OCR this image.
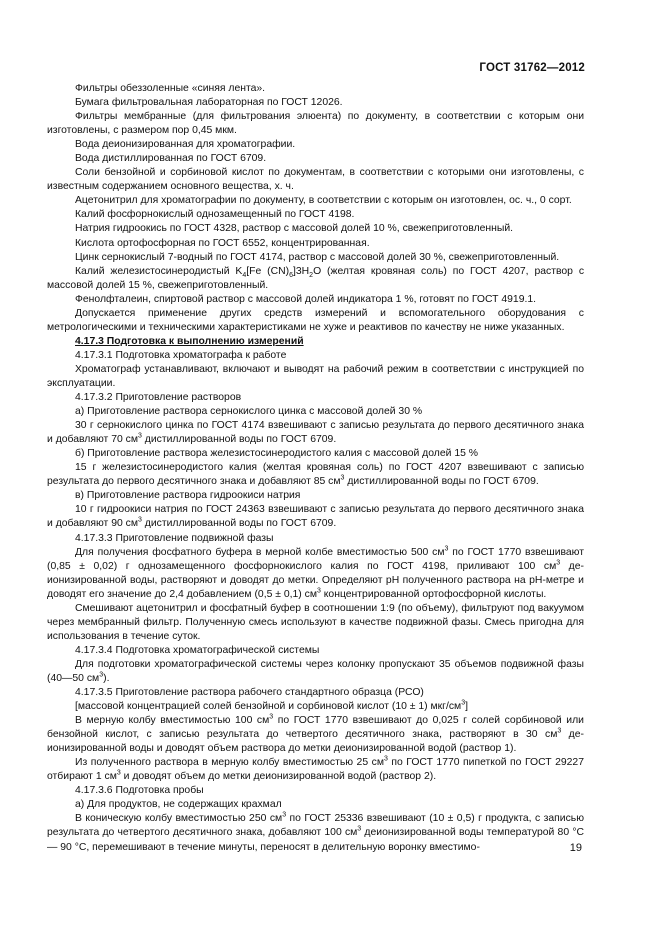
ГОСТ 31762—2012

Фильтры обеззоленные «синяя лента».

Бумага фильтровальная лабораторная по ГОСТ 12026.

Фильтры мембранные (для фильтрования элюента) по документу, в соответствии с которым они изготовлены, с размером пор 0,45 мкм.

Вода деионизированная для хроматографии.

Вода дистиллированная по ГОСТ 6709.

Соли бензойной и сорбиновой кислот по документам, в соответствии с которыми они изготовлены, с известным содержанием основного вещества, х. ч.

Ацетонитрил для хроматографии по документу, в соответствии с которым он изготовлен, ос. ч., 0 сорт.

Калий фосфорнокислый однозамещенный по ГОСТ 4198.

Натрия гидроокись по ГОСТ 4328, раствор с массовой долей 10 %, свежеприготовленный.

Кислота ортофосфорная по ГОСТ 6552, концентрированная.

Цинк сернокислый 7-водный по ГОСТ 4174, раствор с массовой долей 30 %, свежеприготовленный.

Калий железистосинеродистый $K_4[Fe$ $(CN)_6]3H_2O$ (желтая кровяная соль) по ГОСТ 4207, раствор с массовой долей 15 %, свежеприготовленный.

Фенолфталеин, спиртовой раствор с массовой долей индикатора 1 %, готовят по ГОСТ 4919.1.

Допускается применение других средств измерений и вспомогательного оборудования с метрологическими и техническими характеристиками не хуже и реактивов по качеству не ниже указанных.

4.17.3 Подготовка к выполнению измерений

4.17.3.1 Подготовка хроматографа к работе

Хроматограф устанавливают, включают и выводят на рабочий режим в соответствии с инструкцией по эксплуатации.

4.17.3.2 Приготовление растворов

а) Приготовление раствора сернокислого цинка с массовой долей 30 %

30 г сернокислого цинка по ГОСТ 4174 взвешивают с записью результата до первого десятичного знака и добавляют 70 $см^3$ дистиллированной воды по ГОСТ 6709.

б) Приготовление раствора железистосинеродистого калия с массовой долей 15 %

15 г железистосинеродистого калия (желтая кровяная соль) по ГОСТ 4207 взвешивают с записью результата до первого десятичного знака и добавляют 85 $см^3$ дистиллированной воды по ГОСТ 6709.

в) Приготовление раствора гидроокиси натрия

10 г гидроокиси натрия по ГОСТ 24363 взвешивают с записью результата до первого десятичного знака и добавляют 90 $см^3$ дистиллированной воды по ГОСТ 6709.

4.17.3.3 Приготовление подвижной фазы

Для получения фосфатного буфера в мерной колбе вместимостью 500 $см^3$ по ГОСТ 1770 взвешивают (0,85 ± 0,02) г однозамещенного фосфорнокислого калия по ГОСТ 4198, приливают 100 $см^3$ де-ионизированной воды, растворяют и доводят до метки. Определяют pH полученного раствора на pH-метре и доводят его значение до 2,4 добавлением (0,5 ± 0,1) $см^3$ концентрированной ортофосфорной кислоты.

Смешивают ацетонитрил и фосфатный буфер в соотношении 1:9 (по объему), фильтруют под вакуумом через мембранный фильтр. Полученную смесь используют в качестве подвижной фазы. Смесь пригодна для использования в течение суток.

4.17.3.4 Подготовка хроматографической системы

Для подготовки хроматографической системы через колонку пропускают 35 объемов подвижной фазы (40—50 $см^3$).

4.17.3.5 Приготовление раствора рабочего стандартного образца (РСО)

[массовой концентрацией солей бензойной и сорбиновой кислот (10 ± 1) мкг/$см^3$]

В мерную колбу вместимостью 100 $см^3$ по ГОСТ 1770 взвешивают до 0,025 г солей сорбиновой или бензойной кислот, с записью результата до четвертого десятичного знака, растворяют в 30 $см^3$ де-ионизированной воды и доводят объем раствора до метки деионизированной водой (раствор 1).

Из полученного раствора в мерную колбу вместимостью 25 $см^3$ по ГОСТ 1770 пипеткой по ГОСТ 29227 отбирают 1 $см^3$ и доводят объем до метки деионизированной водой (раствор 2).

4.17.3.6 Подготовка пробы

а) Для продуктов, не содержащих крахмал

В коническую колбу вместимостью 250 $см^3$ по ГОСТ 25336 взвешивают (10 ± 0,5) г продукта, с записью результата до четвертого десятичного знака, добавляют 100 $см^3$ деионизированной воды температурой 80 °С — 90 °С, перемешивают в течение минуты, переносят в делительную воронку вместимо-	19
